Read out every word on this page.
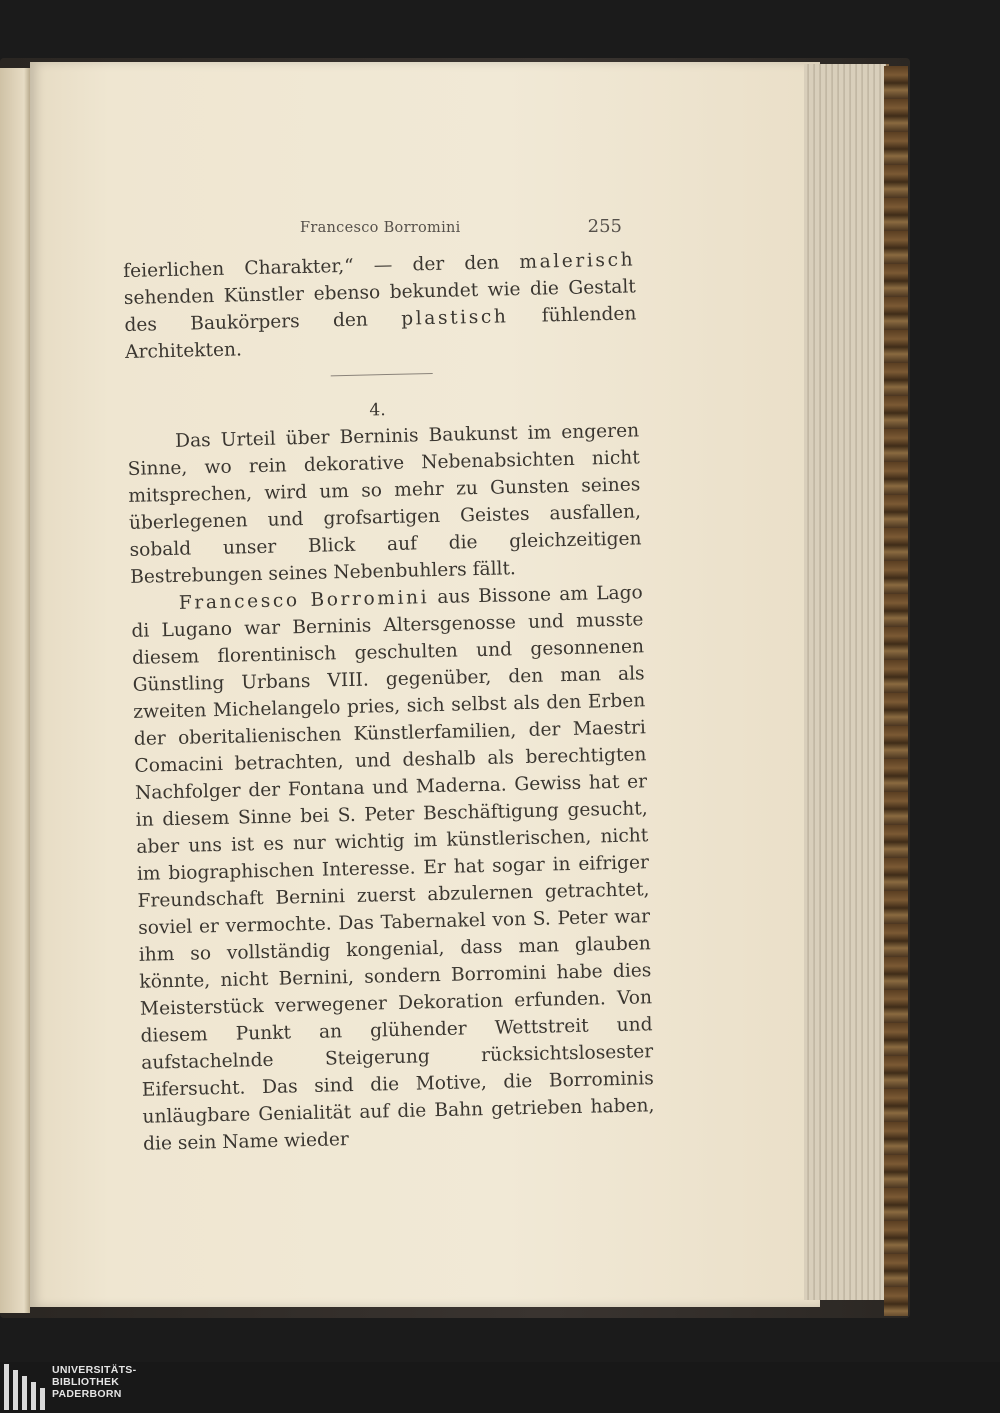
Francesco Borromini	255

feierlichen Charakter,“ — der den malerisch sehenden Künstler ebenso bekundet wie die Gestalt des Baukörpers den plastisch fühlenden Architekten.

4.

Das Urteil über Berninis Baukunst im engeren Sinne, wo rein dekorative Nebenabsichten nicht mitsprechen, wird um so mehr zu Gunsten seines überlegenen und grofsartigen Geistes ausfallen, sobald unser Blick auf die gleichzeitigen Bestrebungen seines Nebenbuhlers fällt.

Francesco Borromini aus Bissone am Lago di Lugano war Berninis Altersgenosse und musste diesem florentinisch geschulten und gesonnenen Günstling Urbans VIII. gegenüber, den man als zweiten Michelangelo pries, sich selbst als den Erben der oberitalienischen Künstlerfamilien, der Maestri Comacini betrachten, und deshalb als berechtigten Nachfolger der Fontana und Maderna. Gewiss hat er in diesem Sinne bei S. Peter Beschäftigung gesucht, aber uns ist es nur wichtig im künstlerischen, nicht im biographischen Interesse. Er hat sogar in eifriger Freundschaft Bernini zuerst abzulernen getrachtet, soviel er vermochte. Das Tabernakel von S. Peter war ihm so vollständig kongenial, dass man glauben könnte, nicht Bernini, sondern Borromini habe dies Meisterstück verwegener Dekoration erfunden. Von diesem Punkt an glühender Wettstreit und aufstachelnde Steigerung rücksichtslosester Eifersucht. Das sind die Motive, die Borrominis unläugbare Genialität auf die Bahn getrieben haben, die sein Name wieder

UNIVERSITÄTS-
BIBLIOTHEK
PADERBORN
